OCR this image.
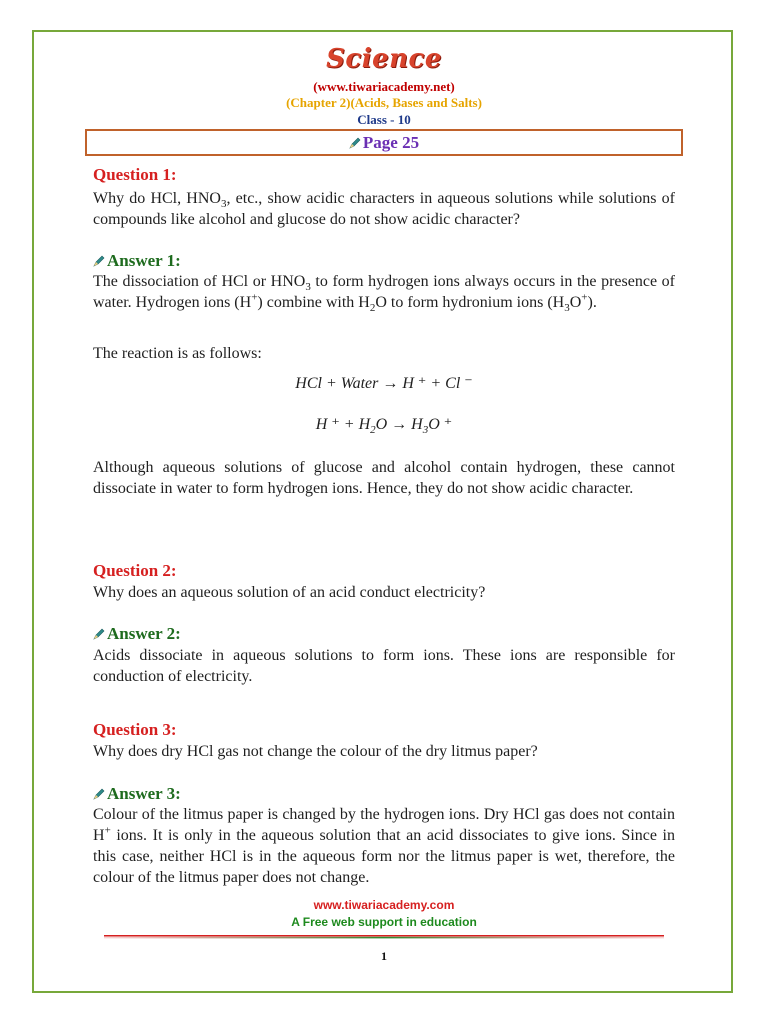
Science
(www.tiwariacademy.net)
(Chapter 2)(Acids, Bases and Salts)
Class - 10
Page 25
Question 1:
Why do HCl, $HNO_3$, etc., show acidic characters in aqueous solutions while solutions of compounds like alcohol and glucose do not show acidic character?
Answer 1:
The dissociation of HCl or $HNO_3$ to form hydrogen ions always occurs in the presence of water. Hydrogen ions (H+) combine with $H_2O$ to form hydronium ions $(H_3O^+)$.
The reaction is as follows:
HCl + Water → H ⁺ + Cl ⁻
H ⁺ + $H_2O \to H_3O$ ⁺
Although aqueous solutions of glucose and alcohol contain hydrogen, these cannot dissociate in water to form hydrogen ions. Hence, they do not show acidic character.
Question 2:
Why does an aqueous solution of an acid conduct electricity?
Answer 2:
Acids dissociate in aqueous solutions to form ions. These ions are responsible for conduction of electricity.
Question 3:
Why does dry HCl gas not change the colour of the dry litmus paper?
Answer 3:
Colour of the litmus paper is changed by the hydrogen ions. Dry HCl gas does not contain H+ ions. It is only in the aqueous solution that an acid dissociates to give ions. Since in this case, neither HCl is in the aqueous form nor the litmus paper is wet, therefore, the colour of the litmus paper does not change.
www.tiwariacademy.com
A Free web support in education
1
